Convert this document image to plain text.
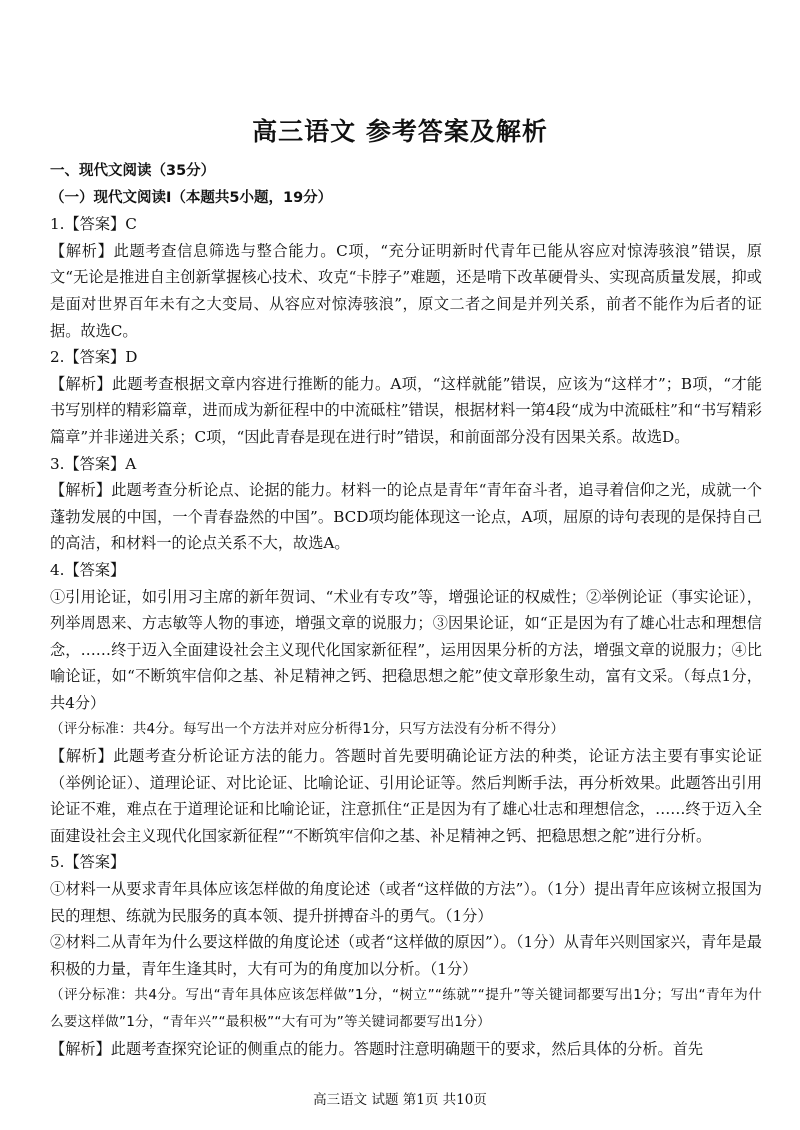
高三语文 参考答案及解析

一、现代文阅读（35分）

（一）现代文阅读Ⅰ（本题共5小题，19分）

1.【答案】C

【解析】此题考查信息筛选与整合能力。C项，“充分证明新时代青年已能从容应对惊涛骇浪”错误，原文“无论是推进自主创新掌握核心技术、攻克“卡脖子”难题，还是啃下改革硬骨头、实现高质量发展，抑或是面对世界百年未有之大变局、从容应对惊涛骇浪”，原文二者之间是并列关系，前者不能作为后者的证据。故选C。

2.【答案】D

【解析】此题考查根据文章内容进行推断的能力。A项，“这样就能”错误，应该为“这样才”；B项，“才能书写别样的精彩篇章，进而成为新征程中的中流砥柱”错误，根据材料一第4段“成为中流砥柱”和“书写精彩篇章”并非递进关系；C项，“因此青春是现在进行时”错误，和前面部分没有因果关系。故选D。

3.【答案】A

【解析】此题考查分析论点、论据的能力。材料一的论点是青年“青年奋斗者，追寻着信仰之光，成就一个蓬勃发展的中国，一个青春盎然的中国”。BCD项均能体现这一论点，A项，屈原的诗句表现的是保持自己的高洁，和材料一的论点关系不大，故选A。

4.【答案】

①引用论证，如引用习主席的新年贺词、“术业有专攻”等，增强论证的权威性；②举例论证（事实论证），列举周恩来、方志敏等人物的事迹，增强文章的说服力；③因果论证，如“正是因为有了雄心壮志和理想信念，……终于迈入全面建设社会主义现代化国家新征程”，运用因果分析的方法，增强文章的说服力；④比喻论证，如“不断筑牢信仰之基、补足精神之钙、把稳思想之舵”使文章形象生动，富有文采。（每点1分，共4分）

（评分标准：共4分。每写出一个方法并对应分析得1分，只写方法没有分析不得分）

【解析】此题考查分析论证方法的能力。答题时首先要明确论证方法的种类，论证方法主要有事实论证（举例论证）、道理论证、对比论证、比喻论证、引用论证等。然后判断手法，再分析效果。此题答出引用论证不难，难点在于道理论证和比喻论证，注意抓住“正是因为有了雄心壮志和理想信念，……终于迈入全面建设社会主义现代化国家新征程”“不断筑牢信仰之基、补足精神之钙、把稳思想之舵”进行分析。

5.【答案】

①材料一从要求青年具体应该怎样做的角度论述（或者“这样做的方法”）。（1分）提出青年应该树立报国为民的理想、练就为民服务的真本领、提升拼搏奋斗的勇气。（1分）

②材料二从青年为什么要这样做的角度论述（或者“这样做的原因”）。（1分）从青年兴则国家兴，青年是最积极的力量，青年生逢其时，大有可为的角度加以分析。（1分）

（评分标准：共4分。写出“青年具体应该怎样做”1分，“树立”“练就”“提升”等关键词都要写出1分；写出“青年为什么要这样做”1分，“青年兴”“最积极”“大有可为”等关键词都要写出1分）

【解析】此题考查探究论证的侧重点的能力。答题时注意明确题干的要求，然后具体的分析。首先

高三语文 试题 第1页 共10页
